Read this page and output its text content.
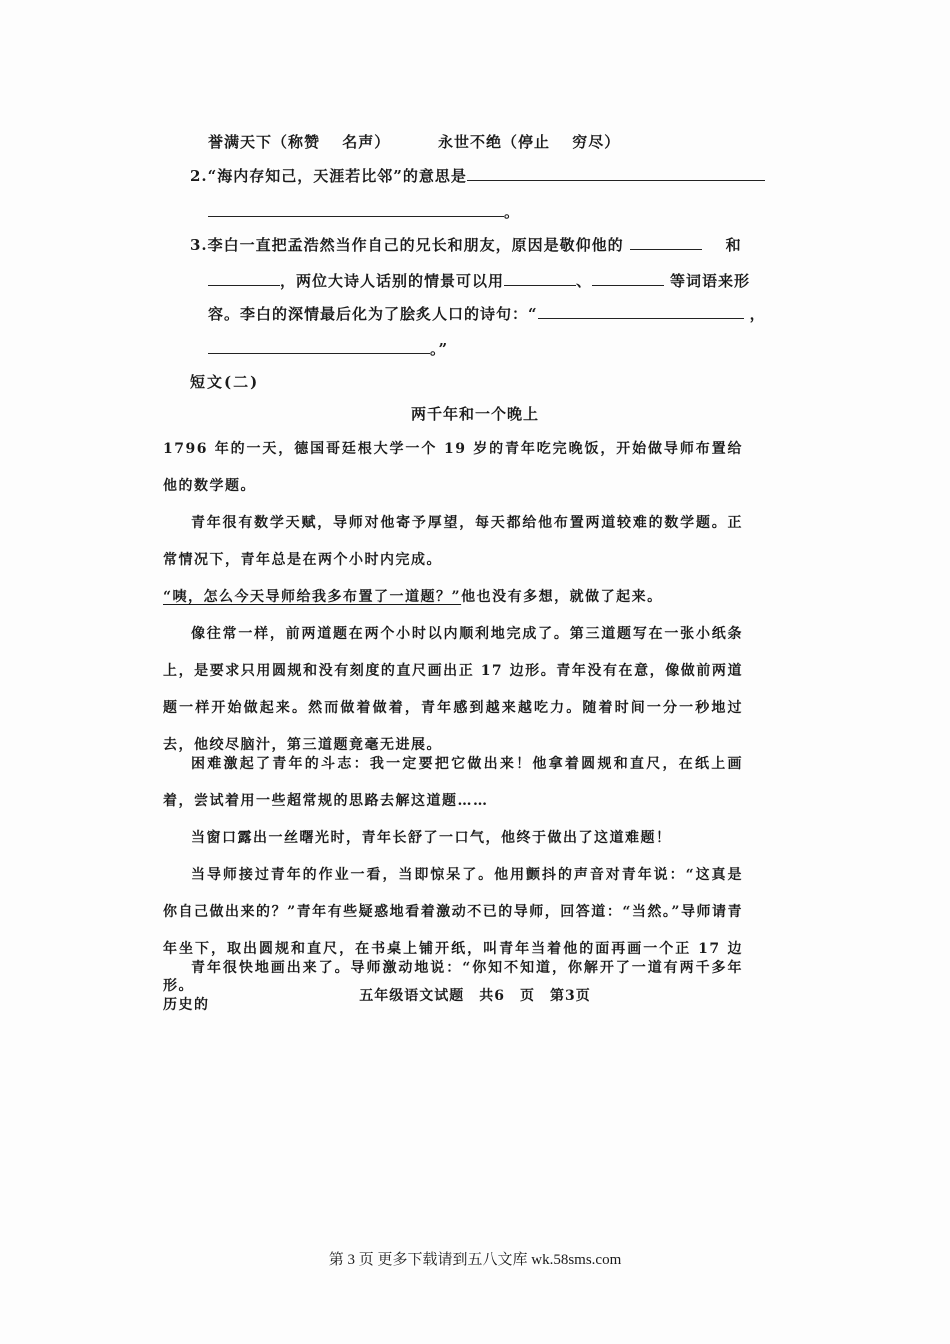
誉满天下（称赞　 名声）	永世不绝（停止　 穷尽）
2.“海内存知己，天涯若比邻”的意思是
。
3.李白一直把孟浩然当作自己的兄长和朋友，原因是敬仰他的	和
，两位大诗人话别的情景可以用	、	等词语来形
容。李白的深情最后化为了脍炙人口的诗句：“	，
。”
短文(二)
两千年和一个晚上
1796 年的一天，德国哥廷根大学一个 19 岁的青年吃完晚饭，开始做导师布置给他的数学题。
青年很有数学天赋，导师对他寄予厚望，每天都给他布置两道较难的数学题。正常情况下，青年总是在两个小时内完成。
“咦，怎么今天导师给我多布置了一道题？”他也没有多想，就做了起来。
像往常一样，前两道题在两个小时以内顺利地完成了。第三道题写在一张小纸条上，是要求只用圆规和没有刻度的直尺画出正 17 边形。青年没有在意，像做前两道题一样开始做起来。然而做着做着，青年感到越来越吃力。随着时间一分一秒地过去，他绞尽脑汁，第三道题竟毫无进展。
困难激起了青年的斗志：我一定要把它做出来！他拿着圆规和直尺，在纸上画着，尝试着用一些超常规的思路去解这道题……
当窗口露出一丝曙光时，青年长舒了一口气，他终于做出了这道难题！
当导师接过青年的作业一看，当即惊呆了。他用颤抖的声音对青年说：“这真是你自己做出来的？”青年有些疑惑地看着激动不已的导师，回答道：“当然。”导师请青年坐下，取出圆规和直尺，在书桌上铺开纸，叫青年当着他的面再画一个正 17 边形。
青年很快地画出来了。导师激动地说：“你知不知道，你解开了一道有两千多年历史的
五年级语文试题　共6　页　第3页
第 3 页 更多下载请到五八文库 wk.58sms.com
